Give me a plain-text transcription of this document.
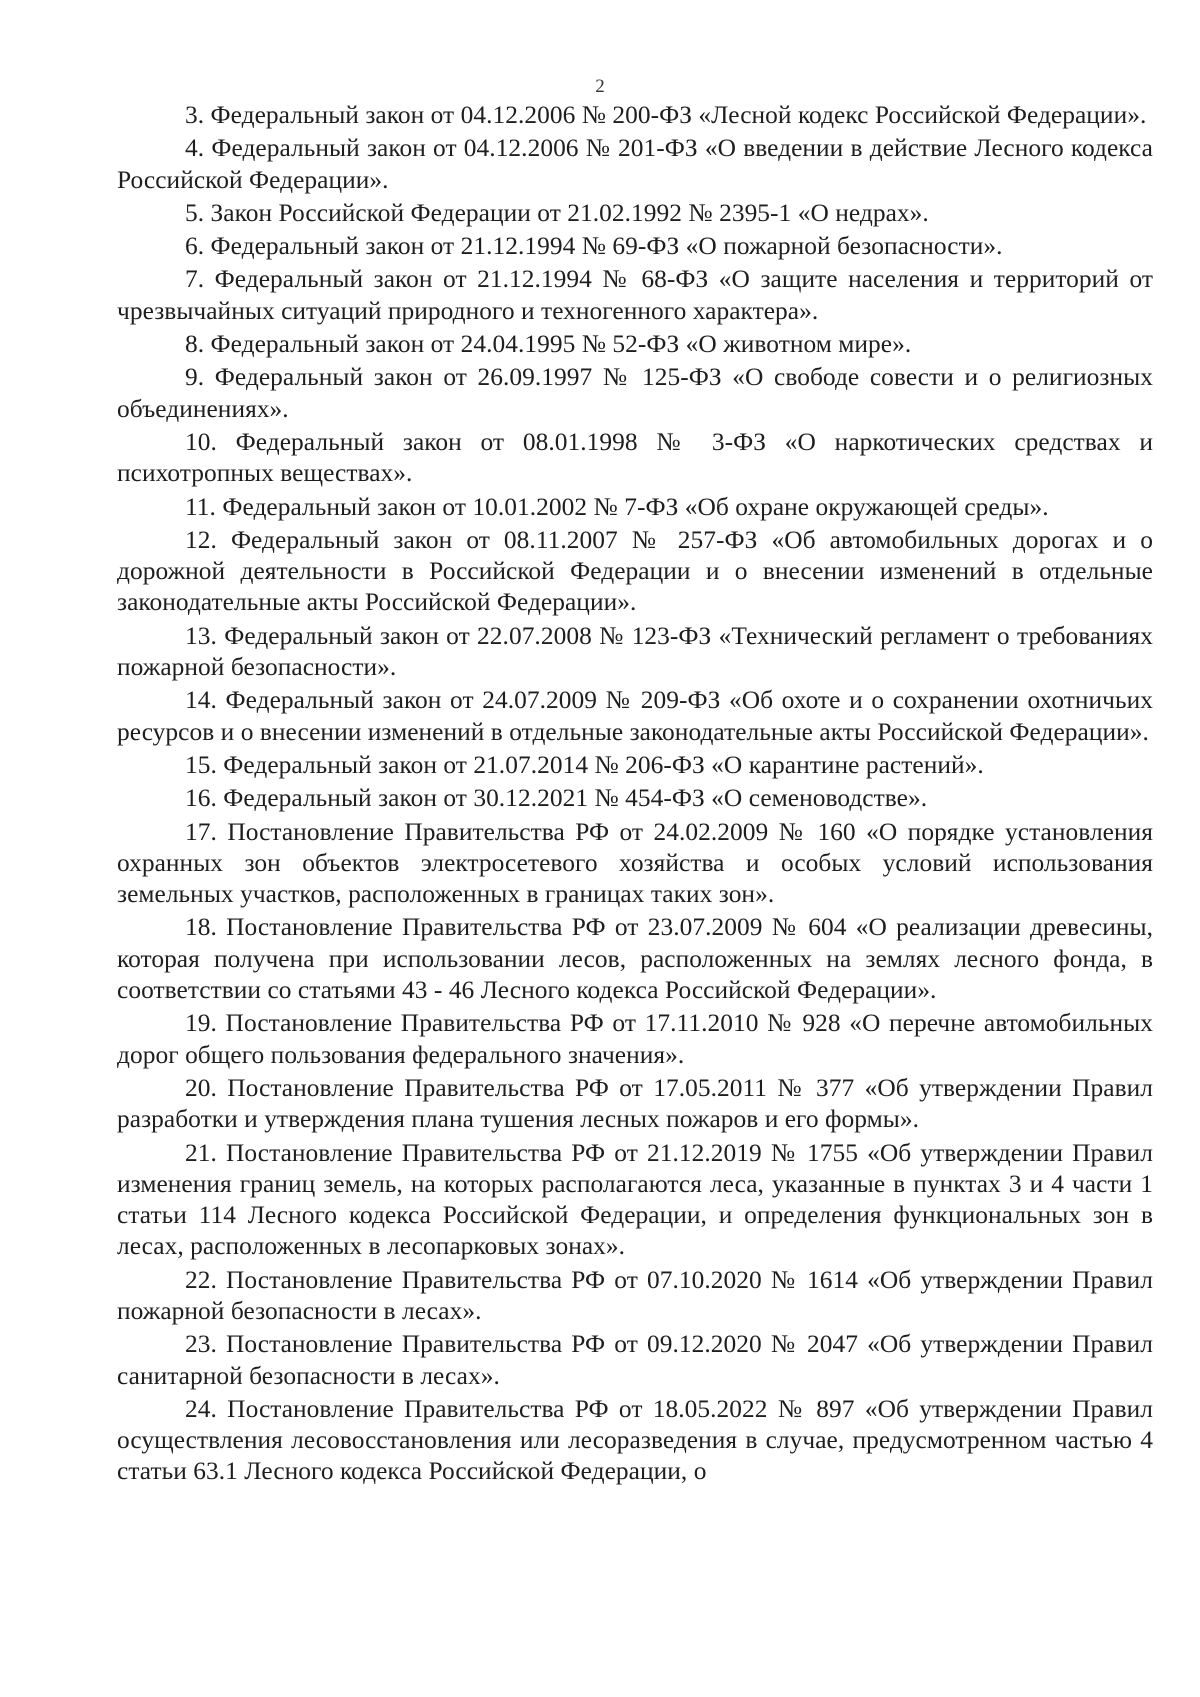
2

3. Федеральный закон от 04.12.2006 № 200-ФЗ «Лесной кодекс Российской Федерации».

4. Федеральный закон от 04.12.2006 № 201-ФЗ «О введении в действие Лесного кодекса Российской Федерации».

5. Закон Российской Федерации от 21.02.1992 № 2395-1 «О недрах».

6. Федеральный закон от 21.12.1994 № 69-ФЗ «О пожарной безопасности».

7. Федеральный закон от 21.12.1994 № 68-ФЗ «О защите населения и территорий от чрезвычайных ситуаций природного и техногенного характера».

8. Федеральный закон от 24.04.1995 № 52-ФЗ «О животном мире».

9. Федеральный закон от 26.09.1997 № 125-ФЗ «О свободе совести и о религиозных объединениях».

10. Федеральный закон от 08.01.1998 № 3-ФЗ «О наркотических средствах и психотропных веществах».

11. Федеральный закон от 10.01.2002 № 7-ФЗ «Об охране окружающей среды».

12. Федеральный закон от 08.11.2007 № 257-ФЗ «Об автомобильных дорогах и о дорожной деятельности в Российской Федерации и о внесении изменений в отдельные законодательные акты Российской Федерации».

13. Федеральный закон от 22.07.2008 № 123-ФЗ «Технический регламент о требованиях пожарной безопасности».

14. Федеральный закон от 24.07.2009 № 209-ФЗ «Об охоте и о сохранении охотничьих ресурсов и о внесении изменений в отдельные законодательные акты Российской Федерации».

15. Федеральный закон от 21.07.2014 № 206-ФЗ «О карантине растений».

16. Федеральный закон от 30.12.2021 № 454-ФЗ «О семеноводстве».

17. Постановление Правительства РФ от 24.02.2009 № 160 «О порядке установления охранных зон объектов электросетевого хозяйства и особых условий использования земельных участков, расположенных в границах таких зон».

18. Постановление Правительства РФ от 23.07.2009 № 604 «О реализации древесины, которая получена при использовании лесов, расположенных на землях лесного фонда, в соответствии со статьями 43 - 46 Лесного кодекса Российской Федерации».

19. Постановление Правительства РФ от 17.11.2010 № 928 «О перечне автомобильных дорог общего пользования федерального значения».

20. Постановление Правительства РФ от 17.05.2011 № 377 «Об утверждении Правил разработки и утверждения плана тушения лесных пожаров и его формы».

21. Постановление Правительства РФ от 21.12.2019 № 1755 «Об утверждении Правил изменения границ земель, на которых располагаются леса, указанные в пунктах 3 и 4 части 1 статьи 114 Лесного кодекса Российской Федерации, и определения функциональных зон в лесах, расположенных в лесопарковых зонах».

22. Постановление Правительства РФ от 07.10.2020 № 1614 «Об утверждении Правил пожарной безопасности в лесах».

23. Постановление Правительства РФ от 09.12.2020 № 2047 «Об утверждении Правил санитарной безопасности в лесах».

24. Постановление Правительства РФ от 18.05.2022 № 897 «Об утверждении Правил осуществления лесовосстановления или лесоразведения в случае, предусмотренном частью 4 статьи 63.1 Лесного кодекса Российской Федерации, о
